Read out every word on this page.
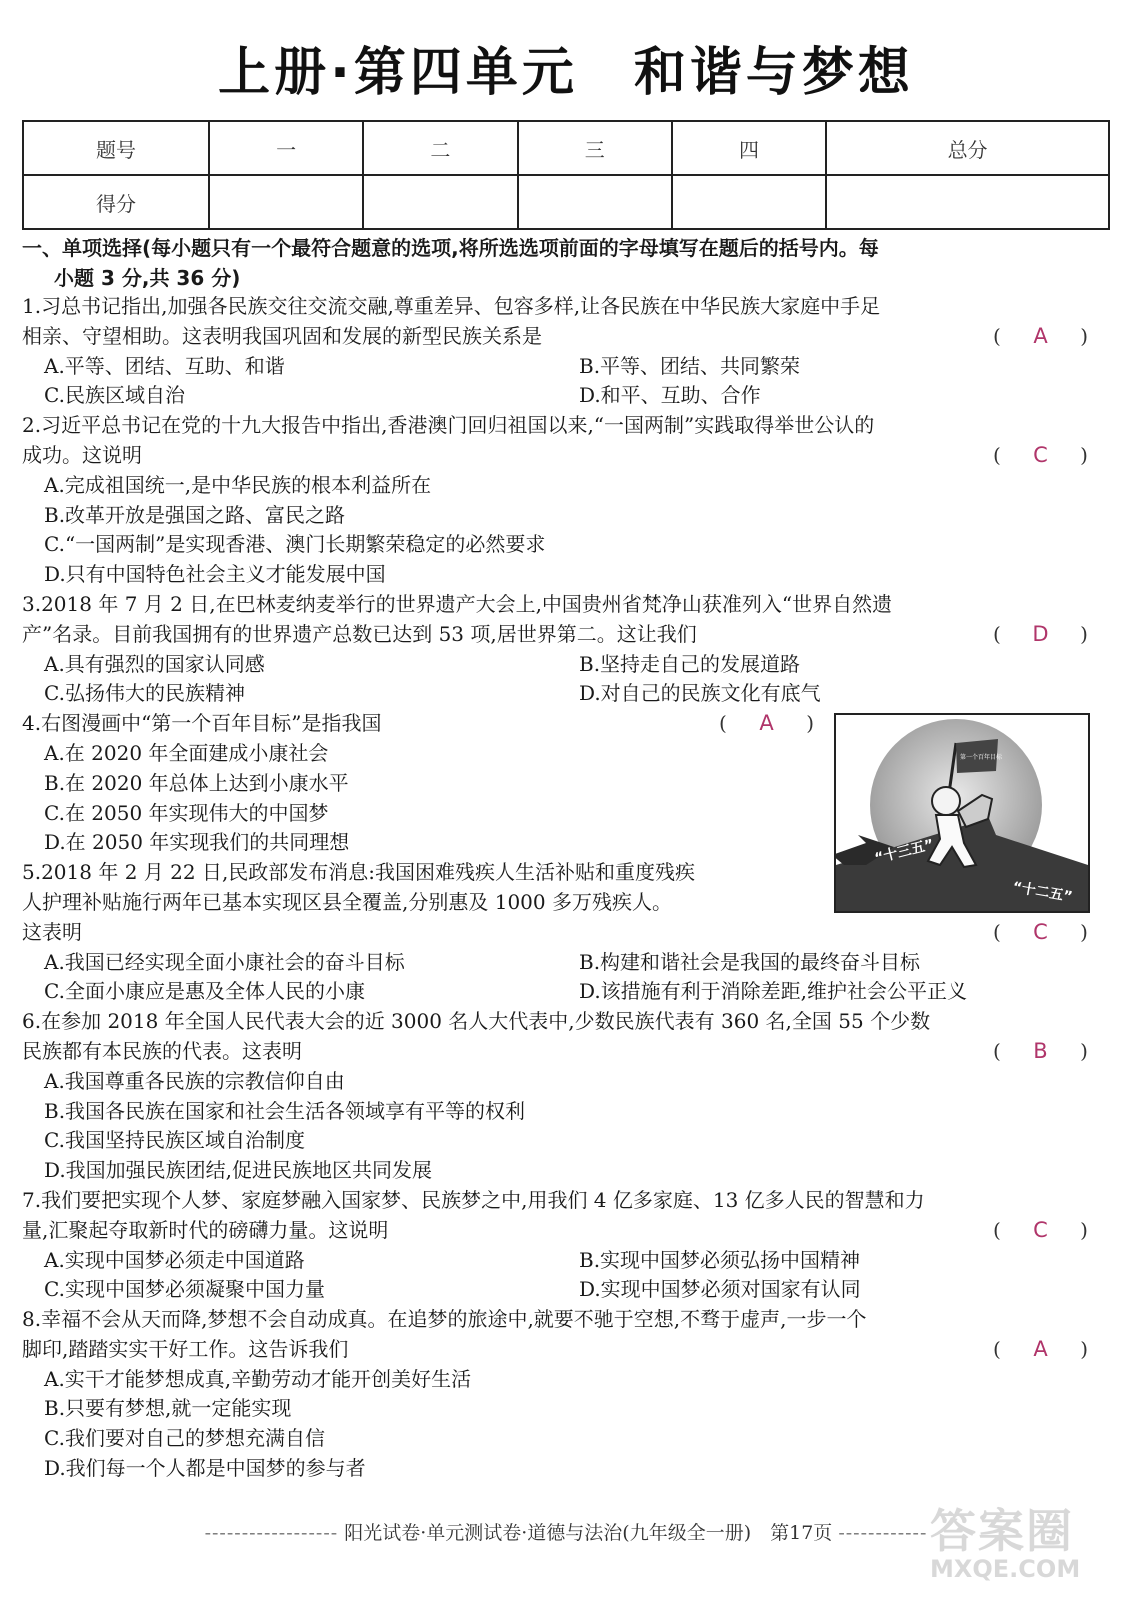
上册·第四单元　和谐与梦想
题号	一	二	三	四	总分
得分					
一、单项选择(每小题只有一个最符合题意的选项,将所选选项前面的字母填写在题后的括号内。每
小题 3 分,共 36 分)
1.习总书记指出,加强各民族交往交流交融,尊重差异、包容多样,让各民族在中华民族大家庭中手足
相亲、守望相助。这表明我国巩固和发展的新型民族关系是	( A )
A.平等、团结、互助、和谐	B.平等、团结、共同繁荣
C.民族区域自治	D.和平、互助、合作
2.习近平总书记在党的十九大报告中指出,香港澳门回归祖国以来,“一国两制”实践取得举世公认的
成功。这说明	( C )
A.完成祖国统一,是中华民族的根本利益所在
B.改革开放是强国之路、富民之路
C.“一国两制”是实现香港、澳门长期繁荣稳定的必然要求
D.只有中国特色社会主义才能发展中国
3.2018 年 7 月 2 日,在巴林麦纳麦举行的世界遗产大会上,中国贵州省梵净山获准列入“世界自然遗
产”名录。目前我国拥有的世界遗产总数已达到 53 项,居世界第二。这让我们	( D )
A.具有强烈的国家认同感	B.坚持走自己的发展道路
C.弘扬伟大的民族精神	D.对自己的民族文化有底气
4.右图漫画中“第一个百年目标”是指我国	( A )
A.在 2020 年全面建成小康社会
B.在 2020 年总体上达到小康水平
C.在 2050 年实现伟大的中国梦
D.在 2050 年实现我们的共同理想
5.2018 年 2 月 22 日,民政部发布消息:我国困难残疾人生活补贴和重度残疾
人护理补贴施行两年已基本实现区县全覆盖,分别惠及 1000 多万残疾人。
这表明	( C )
A.我国已经实现全面小康社会的奋斗目标	B.构建和谐社会是我国的最终奋斗目标
C.全面小康应是惠及全体人民的小康	D.该措施有利于消除差距,维护社会公平正义
6.在参加 2018 年全国人民代表大会的近 3000 名人大代表中,少数民族代表有 360 名,全国 55 个少数
民族都有本民族的代表。这表明	( B )
A.我国尊重各民族的宗教信仰自由
B.我国各民族在国家和社会生活各领域享有平等的权利
C.我国坚持民族区域自治制度
D.我国加强民族团结,促进民族地区共同发展
7.我们要把实现个人梦、家庭梦融入国家梦、民族梦之中,用我们 4 亿多家庭、13 亿多人民的智慧和力
量,汇聚起夺取新时代的磅礴力量。这说明	( C )
A.实现中国梦必须走中国道路	B.实现中国梦必须弘扬中国精神
C.实现中国梦必须凝聚中国力量	D.实现中国梦必须对国家有认同
8.幸福不会从天而降,梦想不会自动成真。在追梦的旅途中,就要不驰于空想,不骛于虚声,一步一个
脚印,踏踏实实干好工作。这告诉我们	( A )
A.实干才能梦想成真,辛勤劳动才能开创美好生活
B.只要有梦想,就一定能实现
C.我们要对自己的梦想充满自信
D.我们每一个人都是中国梦的参与者
“十三五”
“十二五”
第一个百年目标
------------------ 阳光试卷·单元测试卷·道德与法治(九年级全一册)　第17页 ------------ 答案圈
MXQE.COM
